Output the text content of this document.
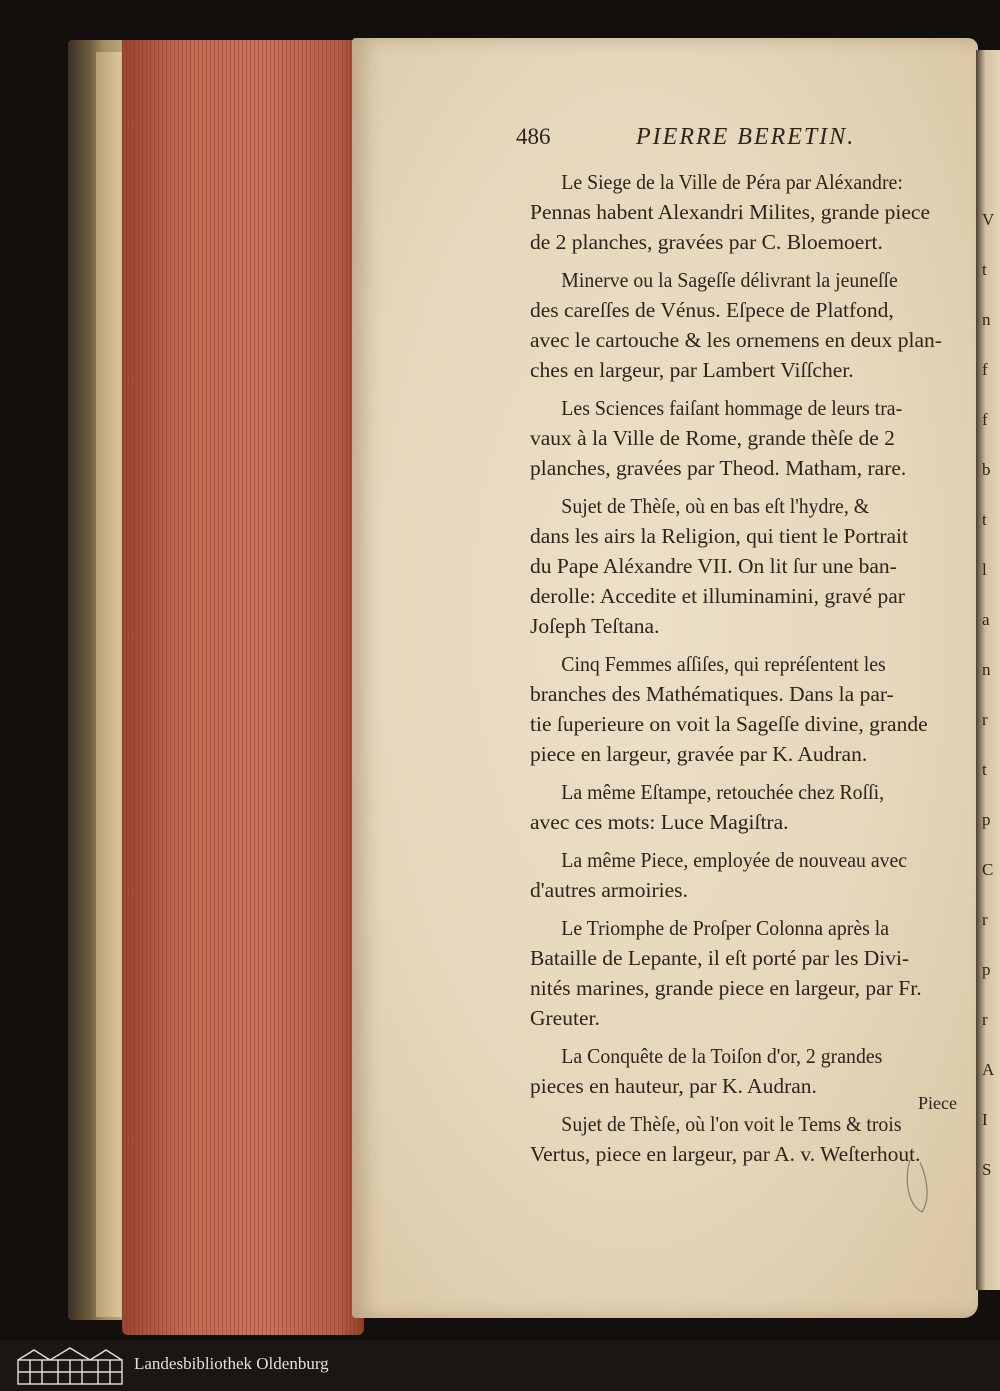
V
t
n
f
f
b
t
l
a
n
r
t
p
C
r
p
r
A
I
S
486	PIERRE BERETIN.
Le Siege de la Ville de Péra par Aléxandre:
Pennas habent Alexandri Milites, grande piece
de 2 planches, gravées par C. Bloemoert.
Minerve ou la Sageſſe délivrant la jeuneſſe
des careſſes de Vénus. Eſpece de Platfond,
avec le cartouche & les ornemens en deux plan-
ches en largeur, par Lambert Viſſcher.
Les Sciences faiſant hommage de leurs tra-
vaux à la Ville de Rome, grande thèſe de 2
planches, gravées par Theod. Matham, rare.
Sujet de Thèſe, où en bas eſt l'hydre, &
dans les airs la Religion, qui tient le Portrait
du Pape Aléxandre VII. On lit ſur une ban-
derolle: Accedite et illuminamini, gravé par
Joſeph Teſtana.
Cinq Femmes aſſiſes, qui repréſentent les
branches des Mathématiques. Dans la par-
tie ſuperieure on voit la Sageſſe divine, grande
piece en largeur, gravée par K. Audran.
La même Eſtampe, retouchée chez Roſſi,
avec ces mots: Luce Magiſtra.
La même Piece, employée de nouveau avec
d'autres armoiries.
Le Triomphe de Proſper Colonna après la
Bataille de Lepante, il eſt porté par les Divi-
nités marines, grande piece en largeur, par Fr.
Greuter.
La Conquête de la Toiſon d'or, 2 grandes
pieces en hauteur, par K. Audran.
Sujet de Thèſe, où l'on voit le Tems & trois
Vertus, piece en largeur, par A. v. Weſterhout.
Piece
Landesbibliothek Oldenburg
